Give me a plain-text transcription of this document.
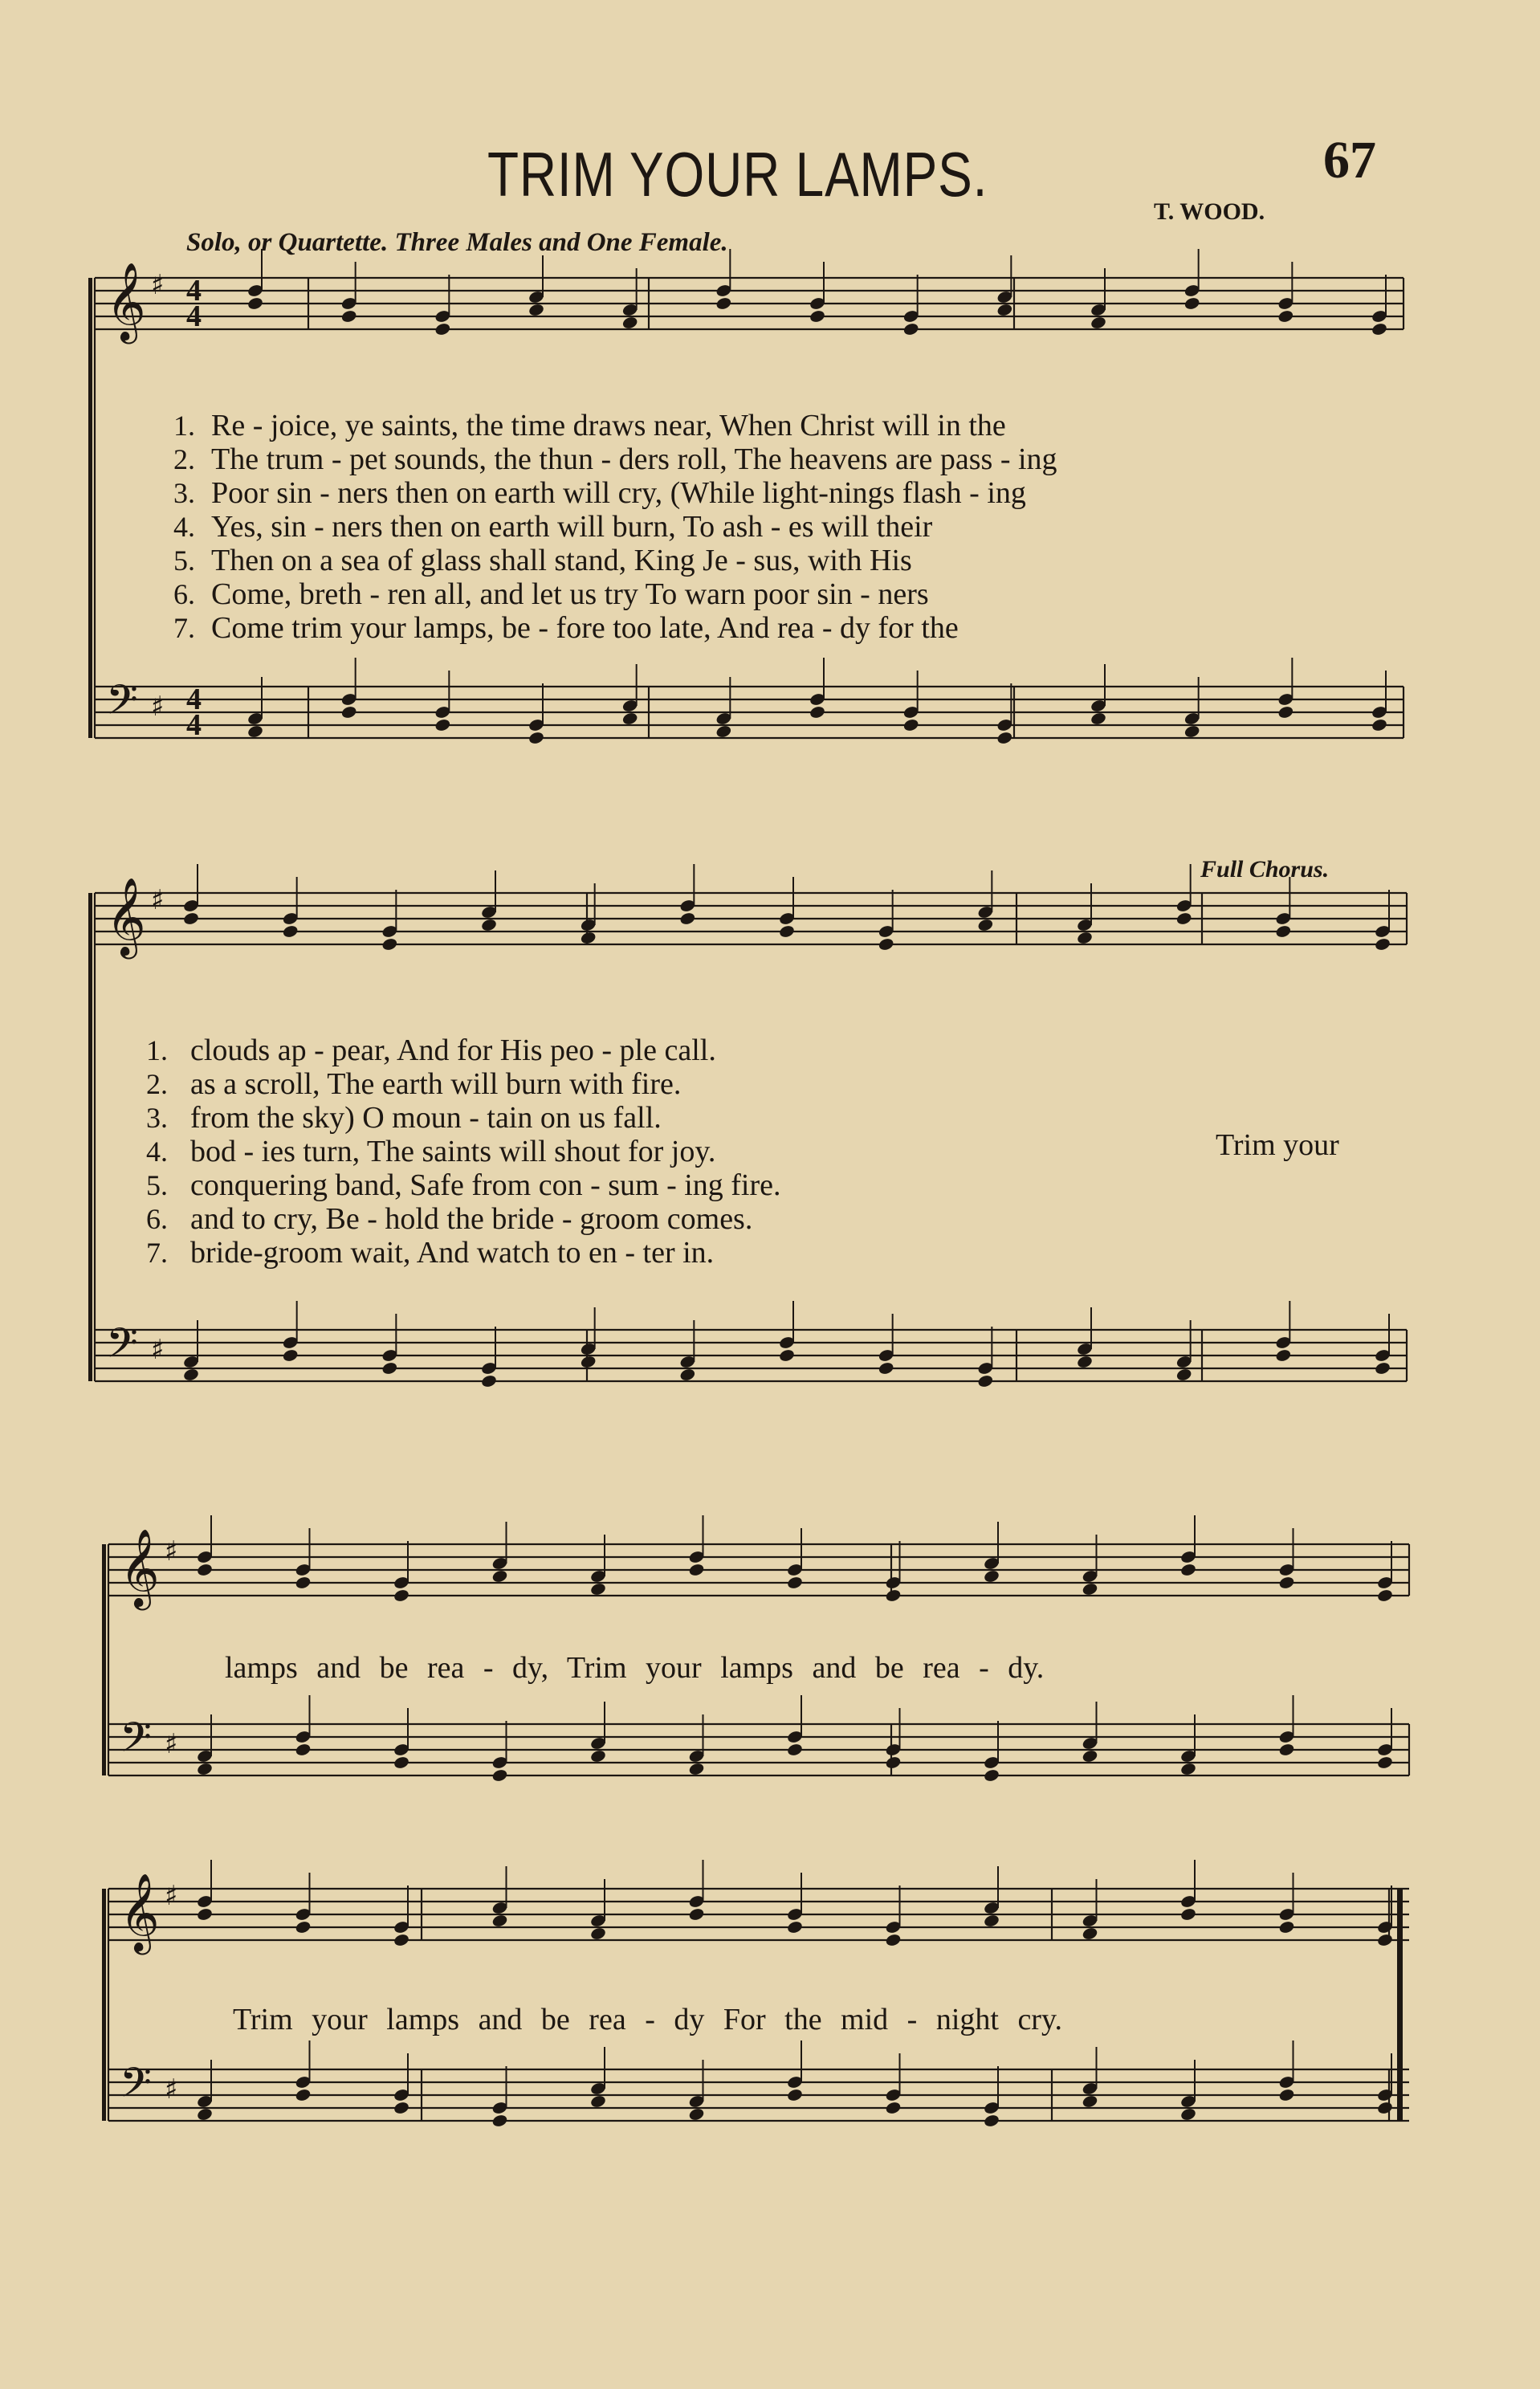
𝄞 ♯
𝄢 ♯
𝄞 ♯
𝄢 ♯
𝄞 ♯
𝄢 ♯
𝄞 ♯
𝄢 ♯
4
4
4
4
TRIM YOUR LAMPS.	67
T. WOOD.
Solo, or Quartette. Three Males and One Female.
Full Chorus.
1. Re - joice, ye saints, the time draws near, When Christ will in the
2. The trum - pet sounds, the thun - ders roll, The heavens are pass - ing
3. Poor sin - ners then on earth will cry, (While light-nings flash - ing
4. Yes, sin - ners then on earth will burn, To ash - es will their
5. Then on a sea of glass shall stand, King Je - sus, with His
6. Come, breth - ren all, and let us try To warn poor sin - ners
7. Come trim your lamps, be - fore too late, And rea - dy for the
1. clouds ap - pear, And for His peo - ple call.
2. as a scroll, The earth will burn with fire.
3. from the sky) O moun - tain on us fall.
4. bod - ies turn, The saints will shout for joy.
5. conquering band, Safe from con - sum - ing fire.
6. and to cry, Be - hold the bride - groom comes.
7. bride-groom wait, And watch to en - ter in.
Trim your
lamps and be rea - dy, Trim your lamps and be rea - dy.
Trim your lamps and be rea - dy For the mid - night cry.
